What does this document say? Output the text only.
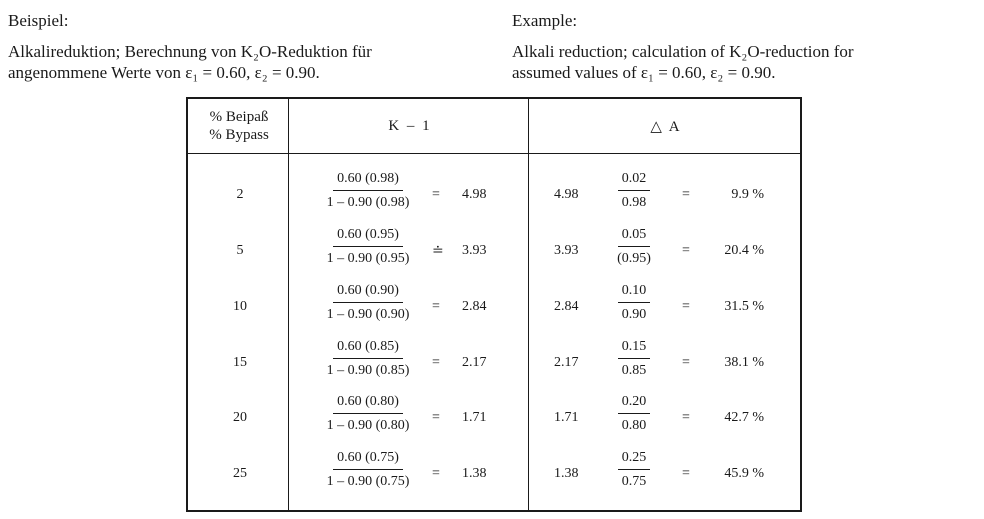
Beispiel:

Alkalireduktion; Berechnung von K₂O-Reduktion für

angenommene Werte von ε₁ = 0.60, ε₂ = 0.90.

Example:

Alkali reduction; calculation of K₂O-reduction for

assumed values of ε₁ = 0.60, ε₂ = 0.90.

% Beipaß
% Bypass
K – 1	△ A
2	$\frac{0.60 (0.98)}{1 - 0.90 (0.98)} = 4.98$	$4.98 \frac{0.02}{0.98}$ =	9.9 %
5	$\frac{0.60 (0.95)}{1 - 0.90 (0.95)}$ ≐ 3.93	$3.93 \frac{0.05}{(0.95)}$ =	20.4 %
10	$\frac{0.60 (0.90)}{1 - 0.90 (0.90)} = 2.84$	$2.84 \frac{0.10}{0.90}$ =	31.5 %
15	$\frac{0.60 (0.85)}{1 - 0.90 (0.85)} = 2.17$	$2.17 \frac{0.15}{0.85}$ =	38.1 %
20	$\frac{0.60 (0.80)}{1 - 0.90 (0.80)} = 1.71$	$1.71 \frac{0.20}{0.80}$ =	42.7 %
25	$\frac{0.60 (0.75)}{1 - 0.90 (0.75)} = 1.38$	$1.38 \frac{0.25}{0.75}$ =	45.9 %
